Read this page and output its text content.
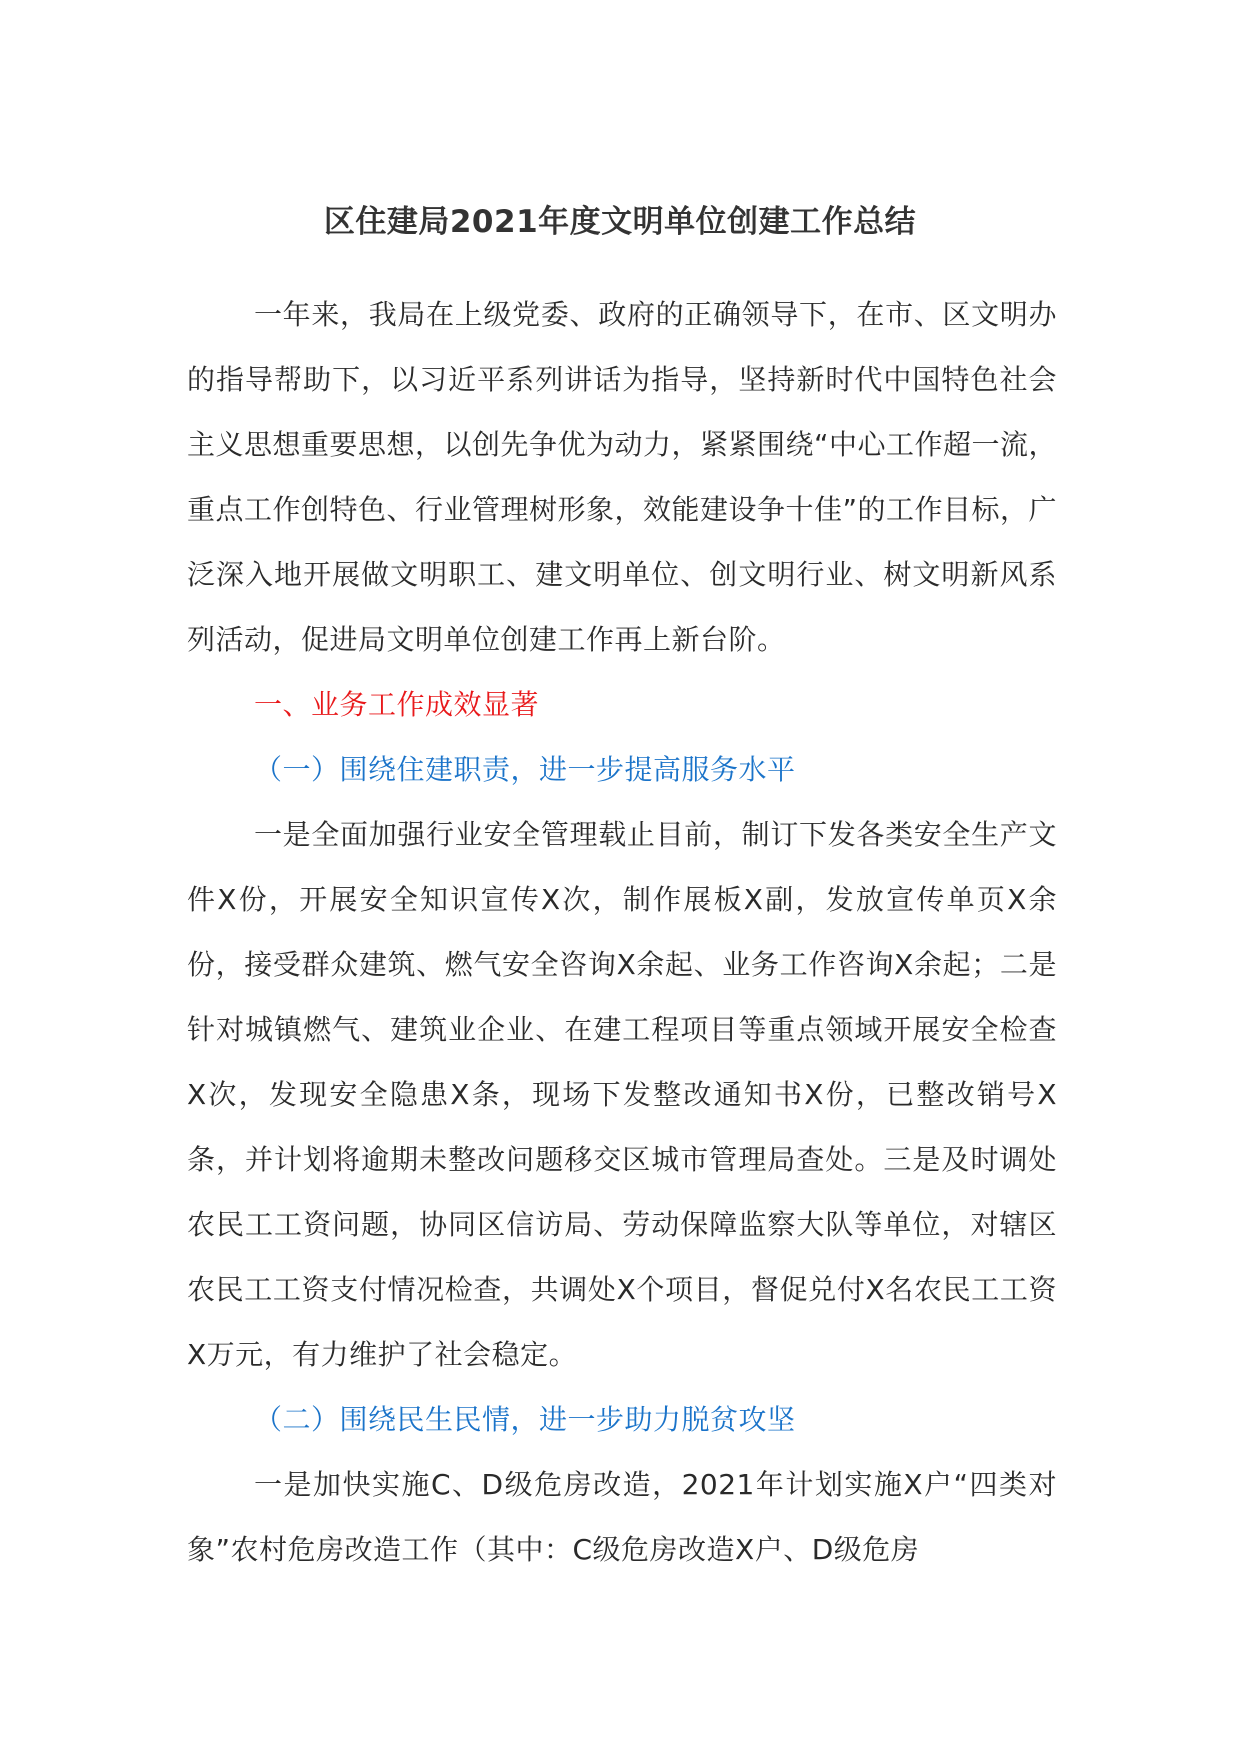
区住建局2021年度文明单位创建工作总结

一年来，我局在上级党委、政府的正确领导下，在市、区文明办的指导帮助下，以习近平系列讲话为指导，坚持新时代中国特色社会主义思想重要思想，以创先争优为动力，紧紧围绕“中心工作超一流，重点工作创特色、行业管理树形象，效能建设争十佳”的工作目标，广泛深入地开展做文明职工、建文明单位、创文明行业、树文明新风系列活动，促进局文明单位创建工作再上新台阶。

一、业务工作成效显著

（一）围绕住建职责，进一步提高服务水平

一是全面加强行业安全管理载止目前，制订下发各类安全生产文件X份，开展安全知识宣传X次，制作展板X副，发放宣传单页X余份，接受群众建筑、燃气安全咨询X余起、业务工作咨询X余起；二是针对城镇燃气、建筑业企业、在建工程项目等重点领域开展安全检查X次，发现安全隐患X条，现场下发整改通知书X份，已整改销号X条，并计划将逾期未整改问题移交区城市管理局查处。三是及时调处农民工工资问题，协同区信访局、劳动保障监察大队等单位，对辖区农民工工资支付情况检查，共调处X个项目，督促兑付X名农民工工资X万元，有力维护了社会稳定。

（二）围绕民生民情，进一步助力脱贫攻坚

一是加快实施C、D级危房改造，2021年计划实施X户“四类对象”农村危房改造工作（其中：C级危房改造X户、D级危房
